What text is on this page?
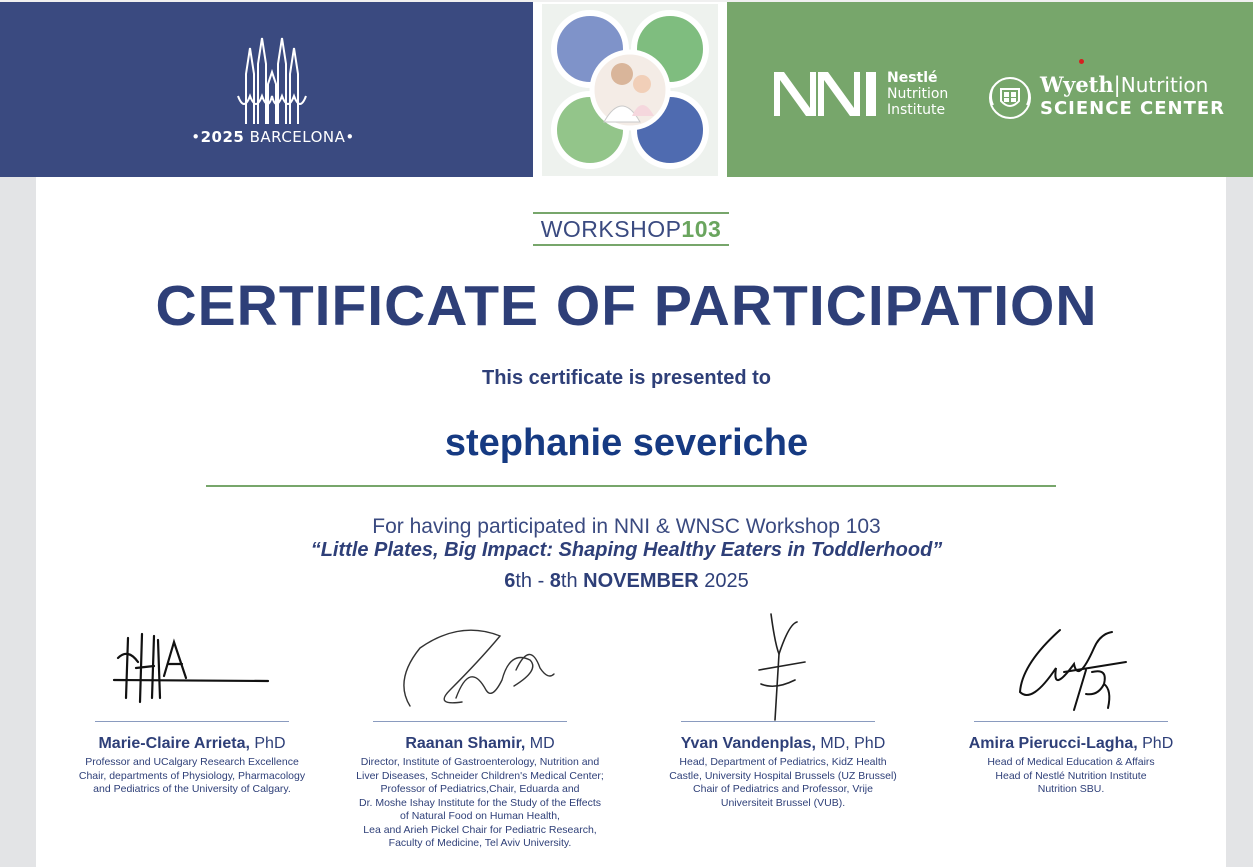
•2025 BARCELONA•
Nestlé
Nutrition
Institute
Wyeth|Nutrition
SCIENCE CENTER
WORKSHOP103
CERTIFICATE OF PARTICIPATION
This certificate is presented to
stephanie severiche
For having participated in NNI & WNSC Workshop 103
“Little Plates, Big Impact: Shaping Healthy Eaters in Toddlerhood”
6th - 8th NOVEMBER 2025
Marie-Claire Arrieta, PhD
Professor and UCalgary Research Excellence
Chair, departments of Physiology, Pharmacology
and Pediatrics of the University of Calgary.
Raanan Shamir, MD
Director, Institute of Gastroenterology, Nutrition and
Liver Diseases, Schneider Children's Medical Center;
Professor of Pediatrics,Chair, Eduarda and
Dr. Moshe Ishay Institute for the Study of the Effects
of Natural Food on Human Health,
Lea and Arieh Pickel Chair for Pediatric Research,
Faculty of Medicine, Tel Aviv University.
Yvan Vandenplas, MD, PhD
Head, Department of Pediatrics, KidZ Health
Castle, University Hospital Brussels (UZ Brussel)
Chair of Pediatrics and Professor, Vrije
Universiteit Brussel (VUB).
Amira Pierucci-Lagha, PhD
Head of Medical Education & Affairs
Head of Nestlé Nutrition Institute
Nutrition SBU.
